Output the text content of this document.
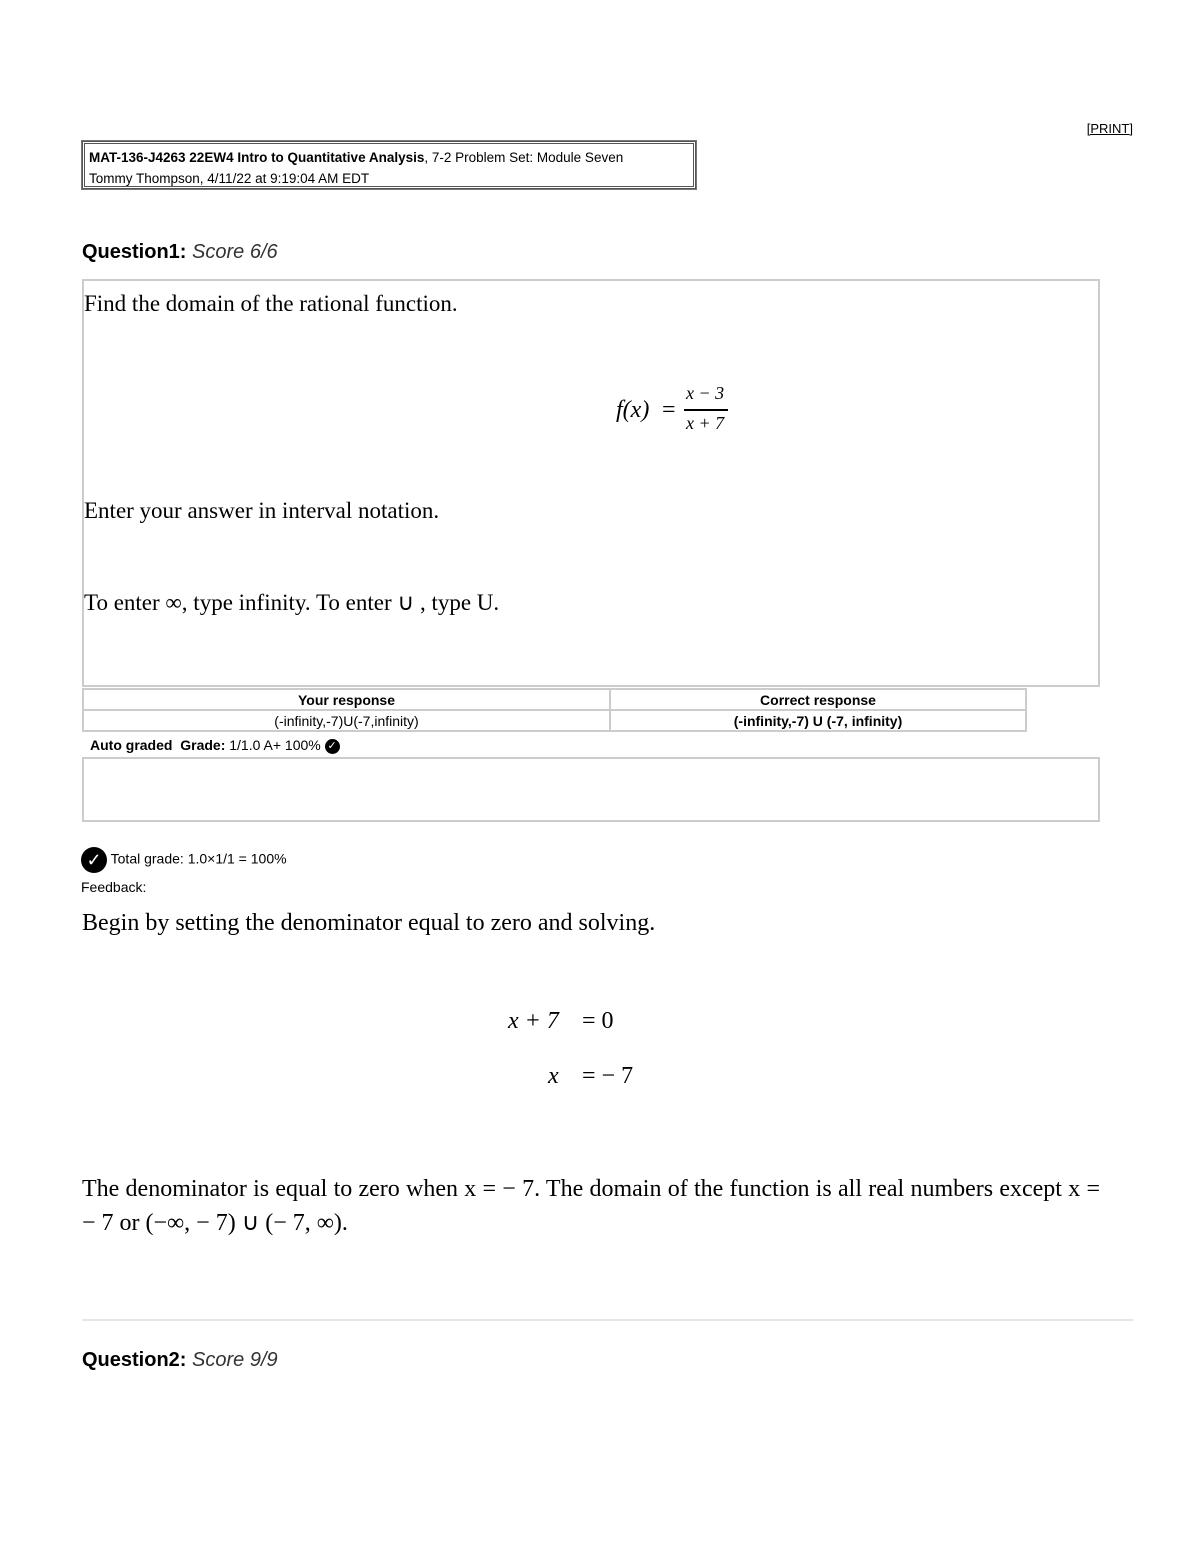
[PRINT]
MAT-136-J4263 22EW4 Intro to Quantitative Analysis, 7-2 Problem Set: Module Seven
Tommy Thompson, 4/11/22 at 9:19:04 AM EDT
Question1: Score 6/6

Find the domain of the rational function.

f(x) =
x − 3
x + 7

Enter your answer in interval notation.

To enter ∞, type infinity. To enter ∪ , type U.

Your response	Correct response
(-infinity,-7)U(-7,infinity)	(-infinity,-7) U (-7, infinity)
Auto graded Grade: 1/1.0 A+ 100% ✓
✓ Total grade: 1.0×1/1 = 100%
Feedback:
Begin by setting the denominator equal to zero and solving.
x + 7 = 0
x = − 7
The denominator is equal to zero when x = − 7. The domain of the function is all real numbers except x = − 7 or (−∞, − 7) ∪ (− 7, ∞).
Question2: Score 9/9
